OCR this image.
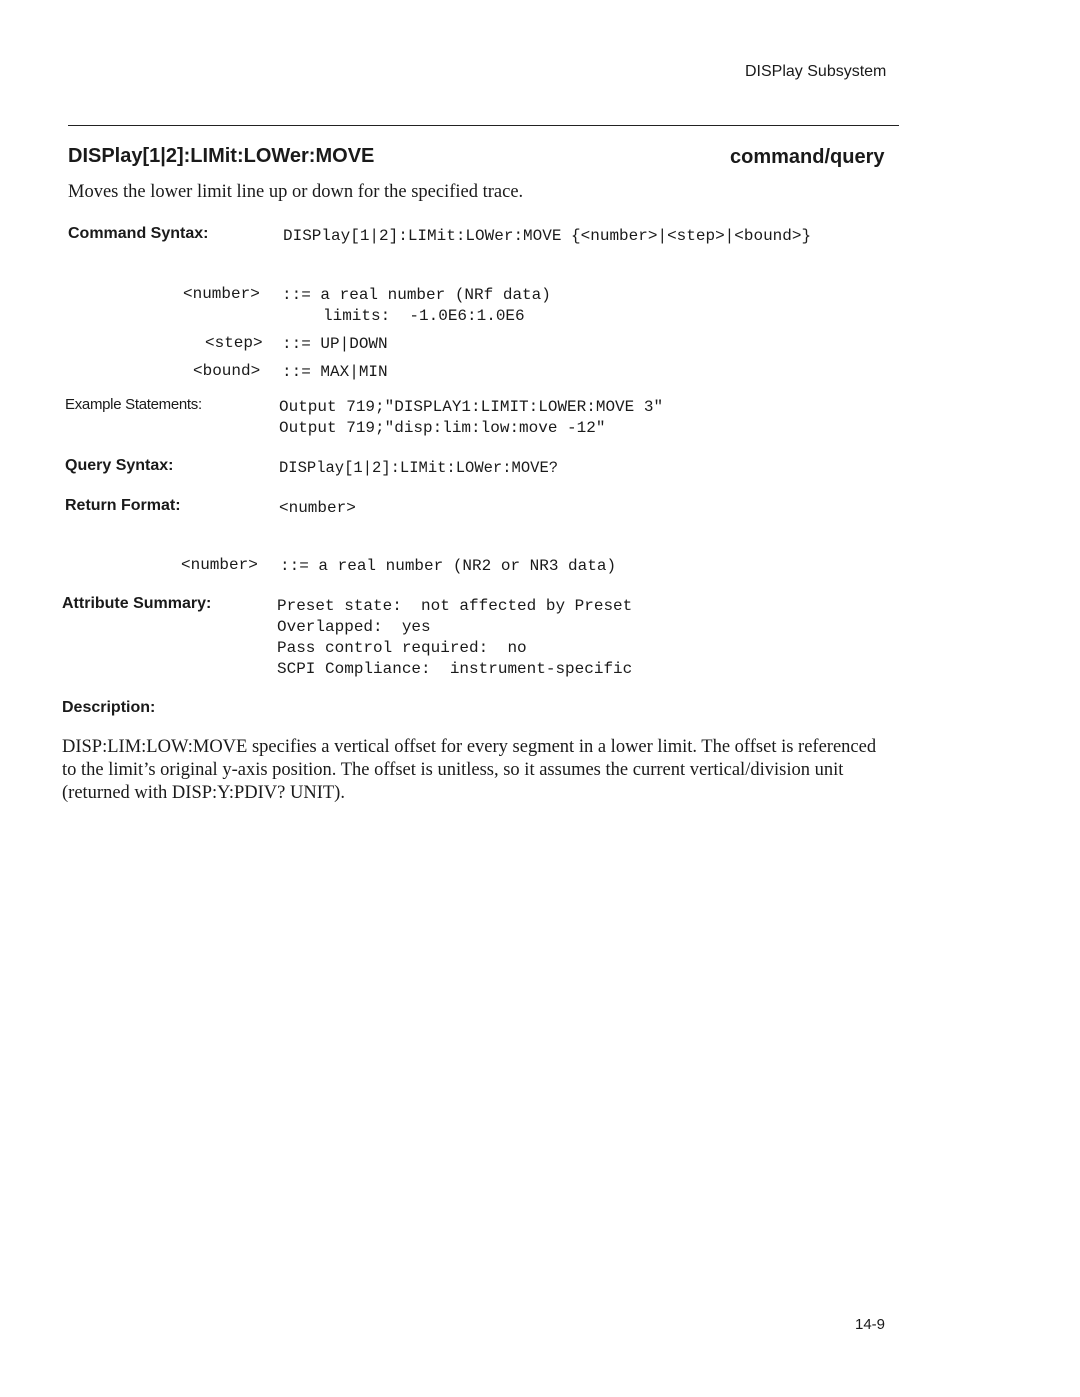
DISPlay Subsystem
DISPlay[1|2]:LIMit:LOWer:MOVE	command/query
Moves the lower limit line up or down for the specified trace.
Command Syntax:	DISPlay[1|2]:LIMit:LOWer:MOVE {<number>|<step>|<bound>}
<number> ::= a real number (NRf data)
limits:  -1.0E6:1.0E6
<step> ::= UP|DOWN
<bound> ::= MAX|MIN
Example Statements:	Output 719;"DISPLAY1:LIMIT:LOWER:MOVE 3"
Output 719;"disp:lim:low:move -12"
Query Syntax:	DISPlay[1|2]:LIMit:LOWer:MOVE?
Return Format:	<number>
<number> ::= a real number (NR2 or NR3 data)
Attribute Summary:	Preset state:  not affected by Preset
Overlapped:  yes
Pass control required:  no
SCPI Compliance:  instrument-specific
Description:
DISP:LIM:LOW:MOVE specifies a vertical offset for every segment in a lower limit. The offset is referenced to the limit’s original y-axis position. The offset is unitless, so it assumes the current vertical/division unit (returned with DISP:Y:PDIV? UNIT).
14-9
